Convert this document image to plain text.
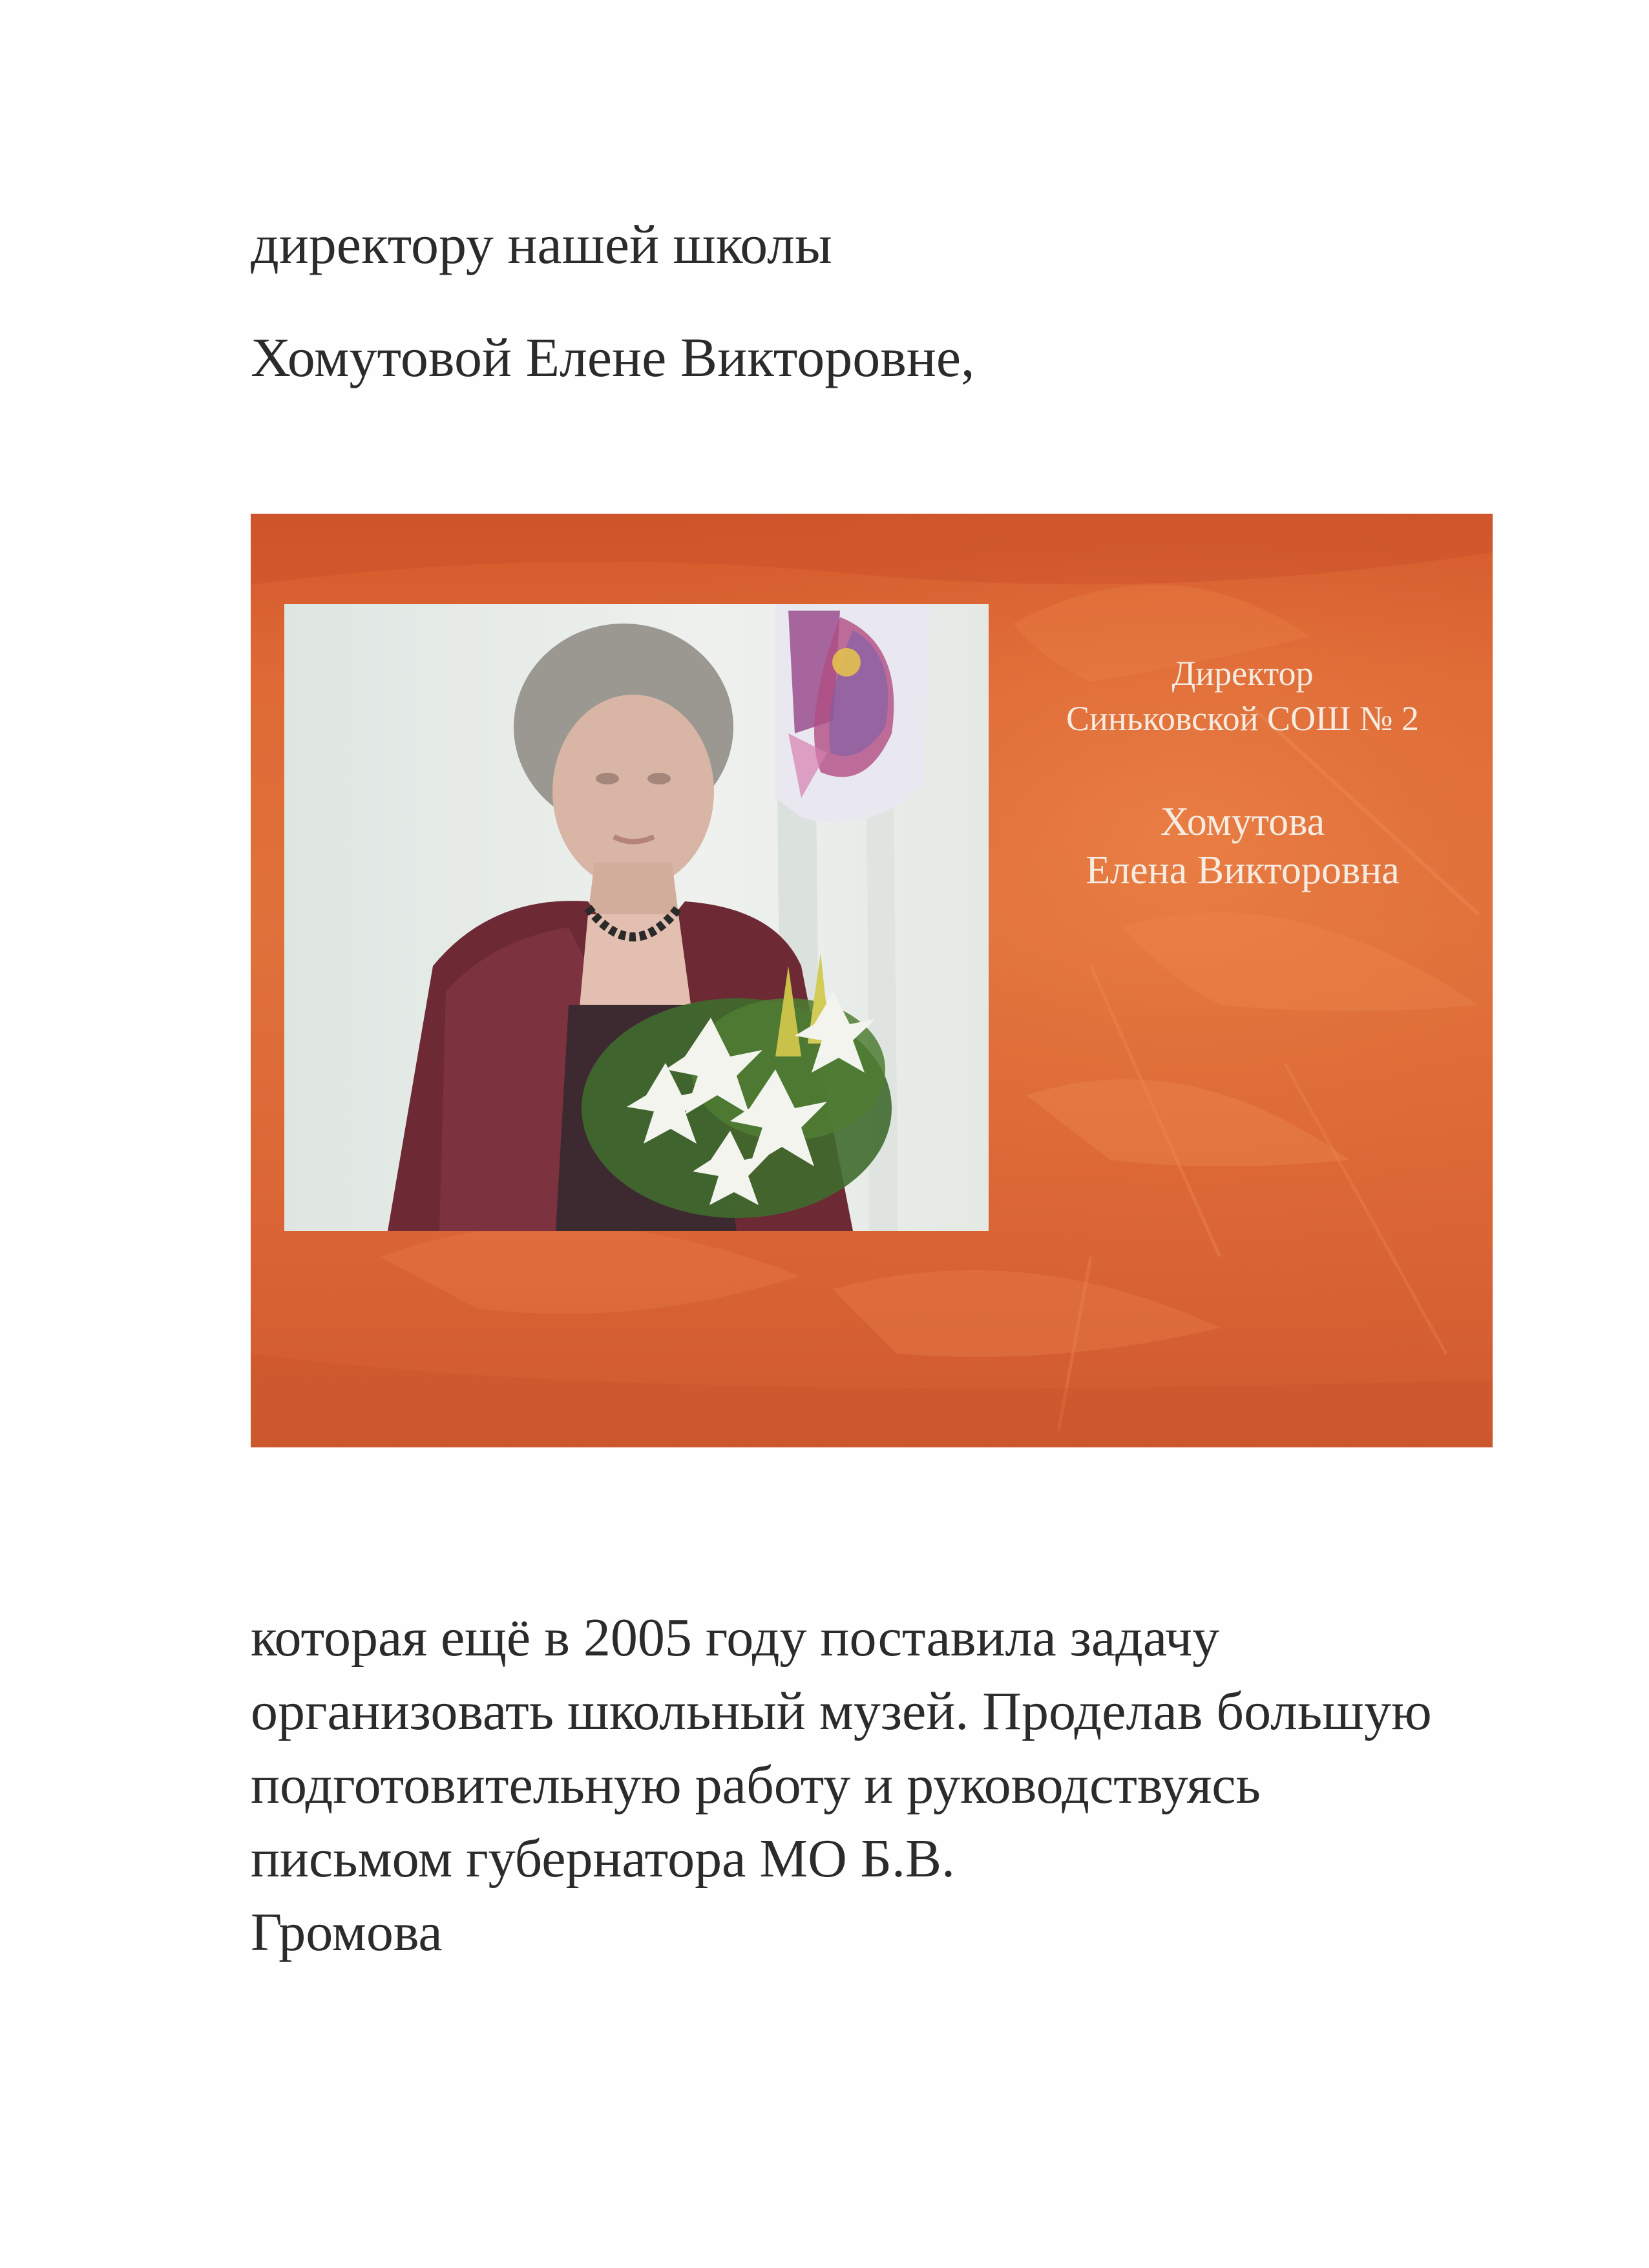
директору нашей школы
Хомутовой Елене Викторовне,
Директор
Синьковской СОШ № 2
Хомутова
Елена Викторовна
которая ещё в 2005 году поставила задачу
организовать школьный музей. Проделав большую
подготовительную работу и руководствуясь
письмом губернатора МО Б.В.
Громова
